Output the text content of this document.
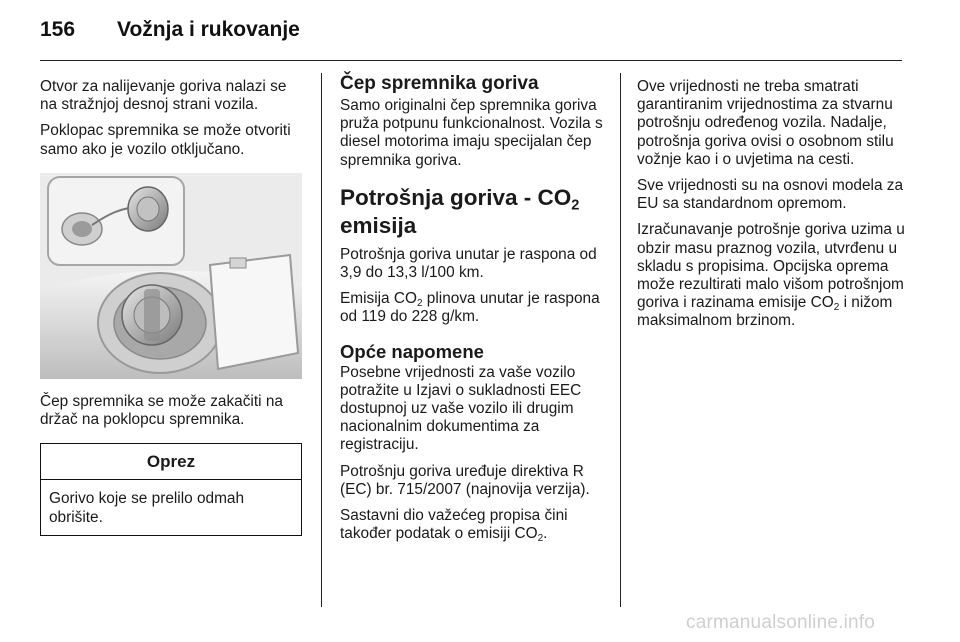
156	Vožnja i rukovanje

Otvor za nalijevanje goriva nalazi se na stražnjoj desnoj strani vozila.

Poklopac spremnika se može otvoriti samo ako je vozilo otključano.

Čep spremnika se može zakačiti na držač na poklopcu spremnika.

Oprez

Gorivo koje se prelilo odmah obrišite.

Čep spremnika goriva

Samo originalni čep spremnika goriva pruža potpunu funkcionalnost. Vozila s diesel motorima imaju specijalan čep spremnika goriva.

Potrošnja goriva - $CO_2$
emisija

Potrošnja goriva unutar je raspona od 3,9 do 13,3 l/100 km.

Emisija $CO_2$ plinova unutar je raspona od 119 do 228 g/km.

Opće napomene

Posebne vrijednosti za vaše vozilo potražite u Izjavi o sukladnosti EEC dostupnoj uz vaše vozilo ili drugim nacionalnim dokumentima za registraciju.

Potrošnju goriva uređuje direktiva R (EC) br. 715/2007 (najnovija verzija).

Sastavni dio važećeg propisa čini također podatak o emisiji $CO_2$.

Ove vrijednosti ne treba smatrati garantiranim vrijednostima za stvarnu potrošnju određenog vozila. Nadalje, potrošnja goriva ovisi o osobnom stilu vožnje kao i o uvjetima na cesti.

Sve vrijednosti su na osnovi modela za EU sa standardnom opremom.

Izračunavanje potrošnje goriva uzima u obzir masu praznog vozila, utvrđenu u skladu s propisima. Opcijska oprema može rezultirati malo višom potrošnjom goriva i razinama emisije $CO_2$ i nižom maksimalnom brzinom.

carmanualsonline.info
